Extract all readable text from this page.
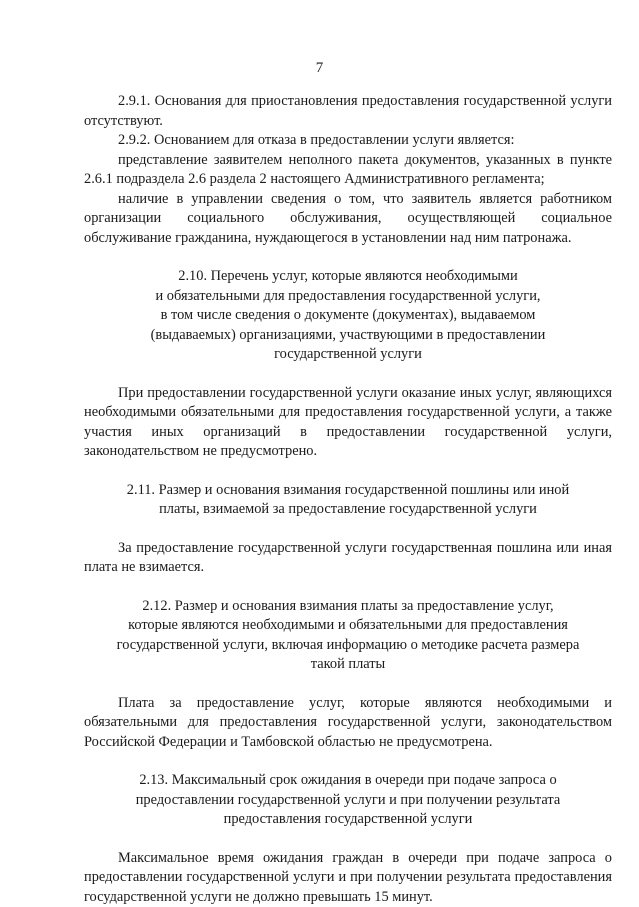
7

2.9.1. Основания для приостановления предоставления государственной услуги отсутствуют.

2.9.2. Основанием для отказа в предоставлении услуги является:

представление заявителем неполного пакета документов, указанных в пункте 2.6.1 подраздела 2.6 раздела 2 настоящего Административного регламента;

наличие в управлении сведения о том, что заявитель является работником организации социального обслуживания, осуществляющей социальное обслуживание гражданина, нуждающегося в установлении над ним патронажа.

2.10. Перечень услуг, которые являются необходимыми
и обязательными для предоставления государственной услуги,
в том числе сведения о документе (документах), выдаваемом
(выдаваемых) организациями, участвующими в предоставлении
государственной услуги

При предоставлении государственной услуги оказание иных услуг, являющихся необходимыми обязательными для предоставления государственной услуги, а также участия иных организаций в предоставлении государственной услуги, законодательством не предусмотрено.

2.11. Размер и основания взимания государственной пошлины или иной
платы, взимаемой за предоставление государственной услуги

За предоставление государственной услуги государственная пошлина или иная плата не взимается.

2.12. Размер и основания взимания платы за предоставление услуг,
которые являются необходимыми и обязательными для предоставления
государственной услуги, включая информацию о методике расчета размера
такой платы

Плата за предоставление услуг, которые являются необходимыми и обязательными для предоставления государственной услуги, законодательством Российской Федерации и Тамбовской областью не предусмотрена.

2.13. Максимальный срок ожидания в очереди при подаче запроса о
предоставлении государственной услуги и при получении результата
предоставления государственной услуги

Максимальное время ожидания граждан в очереди при подаче запроса о предоставлении государственной услуги и при получении результата предоставления государственной услуги не должно превышать 15 минут.
